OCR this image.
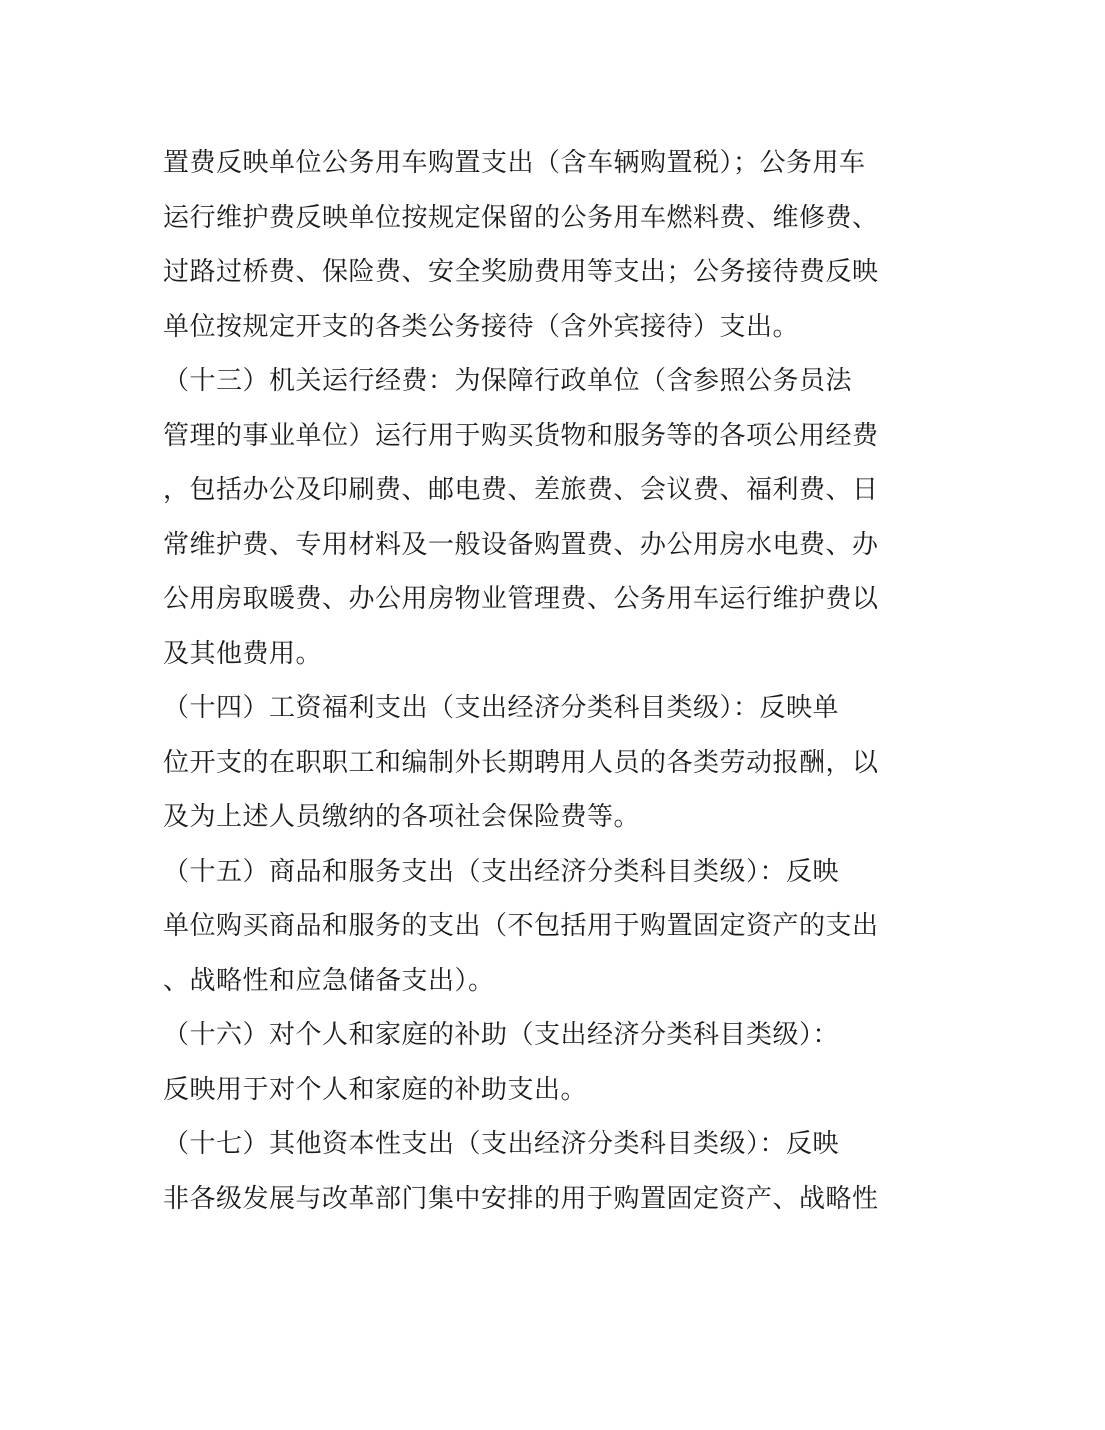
置费反映单位公务用车购置支出（含车辆购置税）；公务用车
运行维护费反映单位按规定保留的公务用车燃料费、维修费、
过路过桥费、保险费、安全奖励费用等支出；公务接待费反映
单位按规定开支的各类公务接待（含外宾接待）支出。
（十三）机关运行经费：为保障行政单位（含参照公务员法
管理的事业单位）运行用于购买货物和服务等的各项公用经费
，包括办公及印刷费、邮电费、差旅费、会议费、福利费、日
常维护费、专用材料及一般设备购置费、办公用房水电费、办
公用房取暖费、办公用房物业管理费、公务用车运行维护费以
及其他费用。
（十四）工资福利支出（支出经济分类科目类级）：反映单
位开支的在职职工和编制外长期聘用人员的各类劳动报酬，以
及为上述人员缴纳的各项社会保险费等。
（十五）商品和服务支出（支出经济分类科目类级）：反映
单位购买商品和服务的支出（不包括用于购置固定资产的支出
、战略性和应急储备支出）。
（十六）对个人和家庭的补助（支出经济分类科目类级）：
反映用于对个人和家庭的补助支出。
（十七）其他资本性支出（支出经济分类科目类级）：反映
非各级发展与改革部门集中安排的用于购置固定资产、战略性
